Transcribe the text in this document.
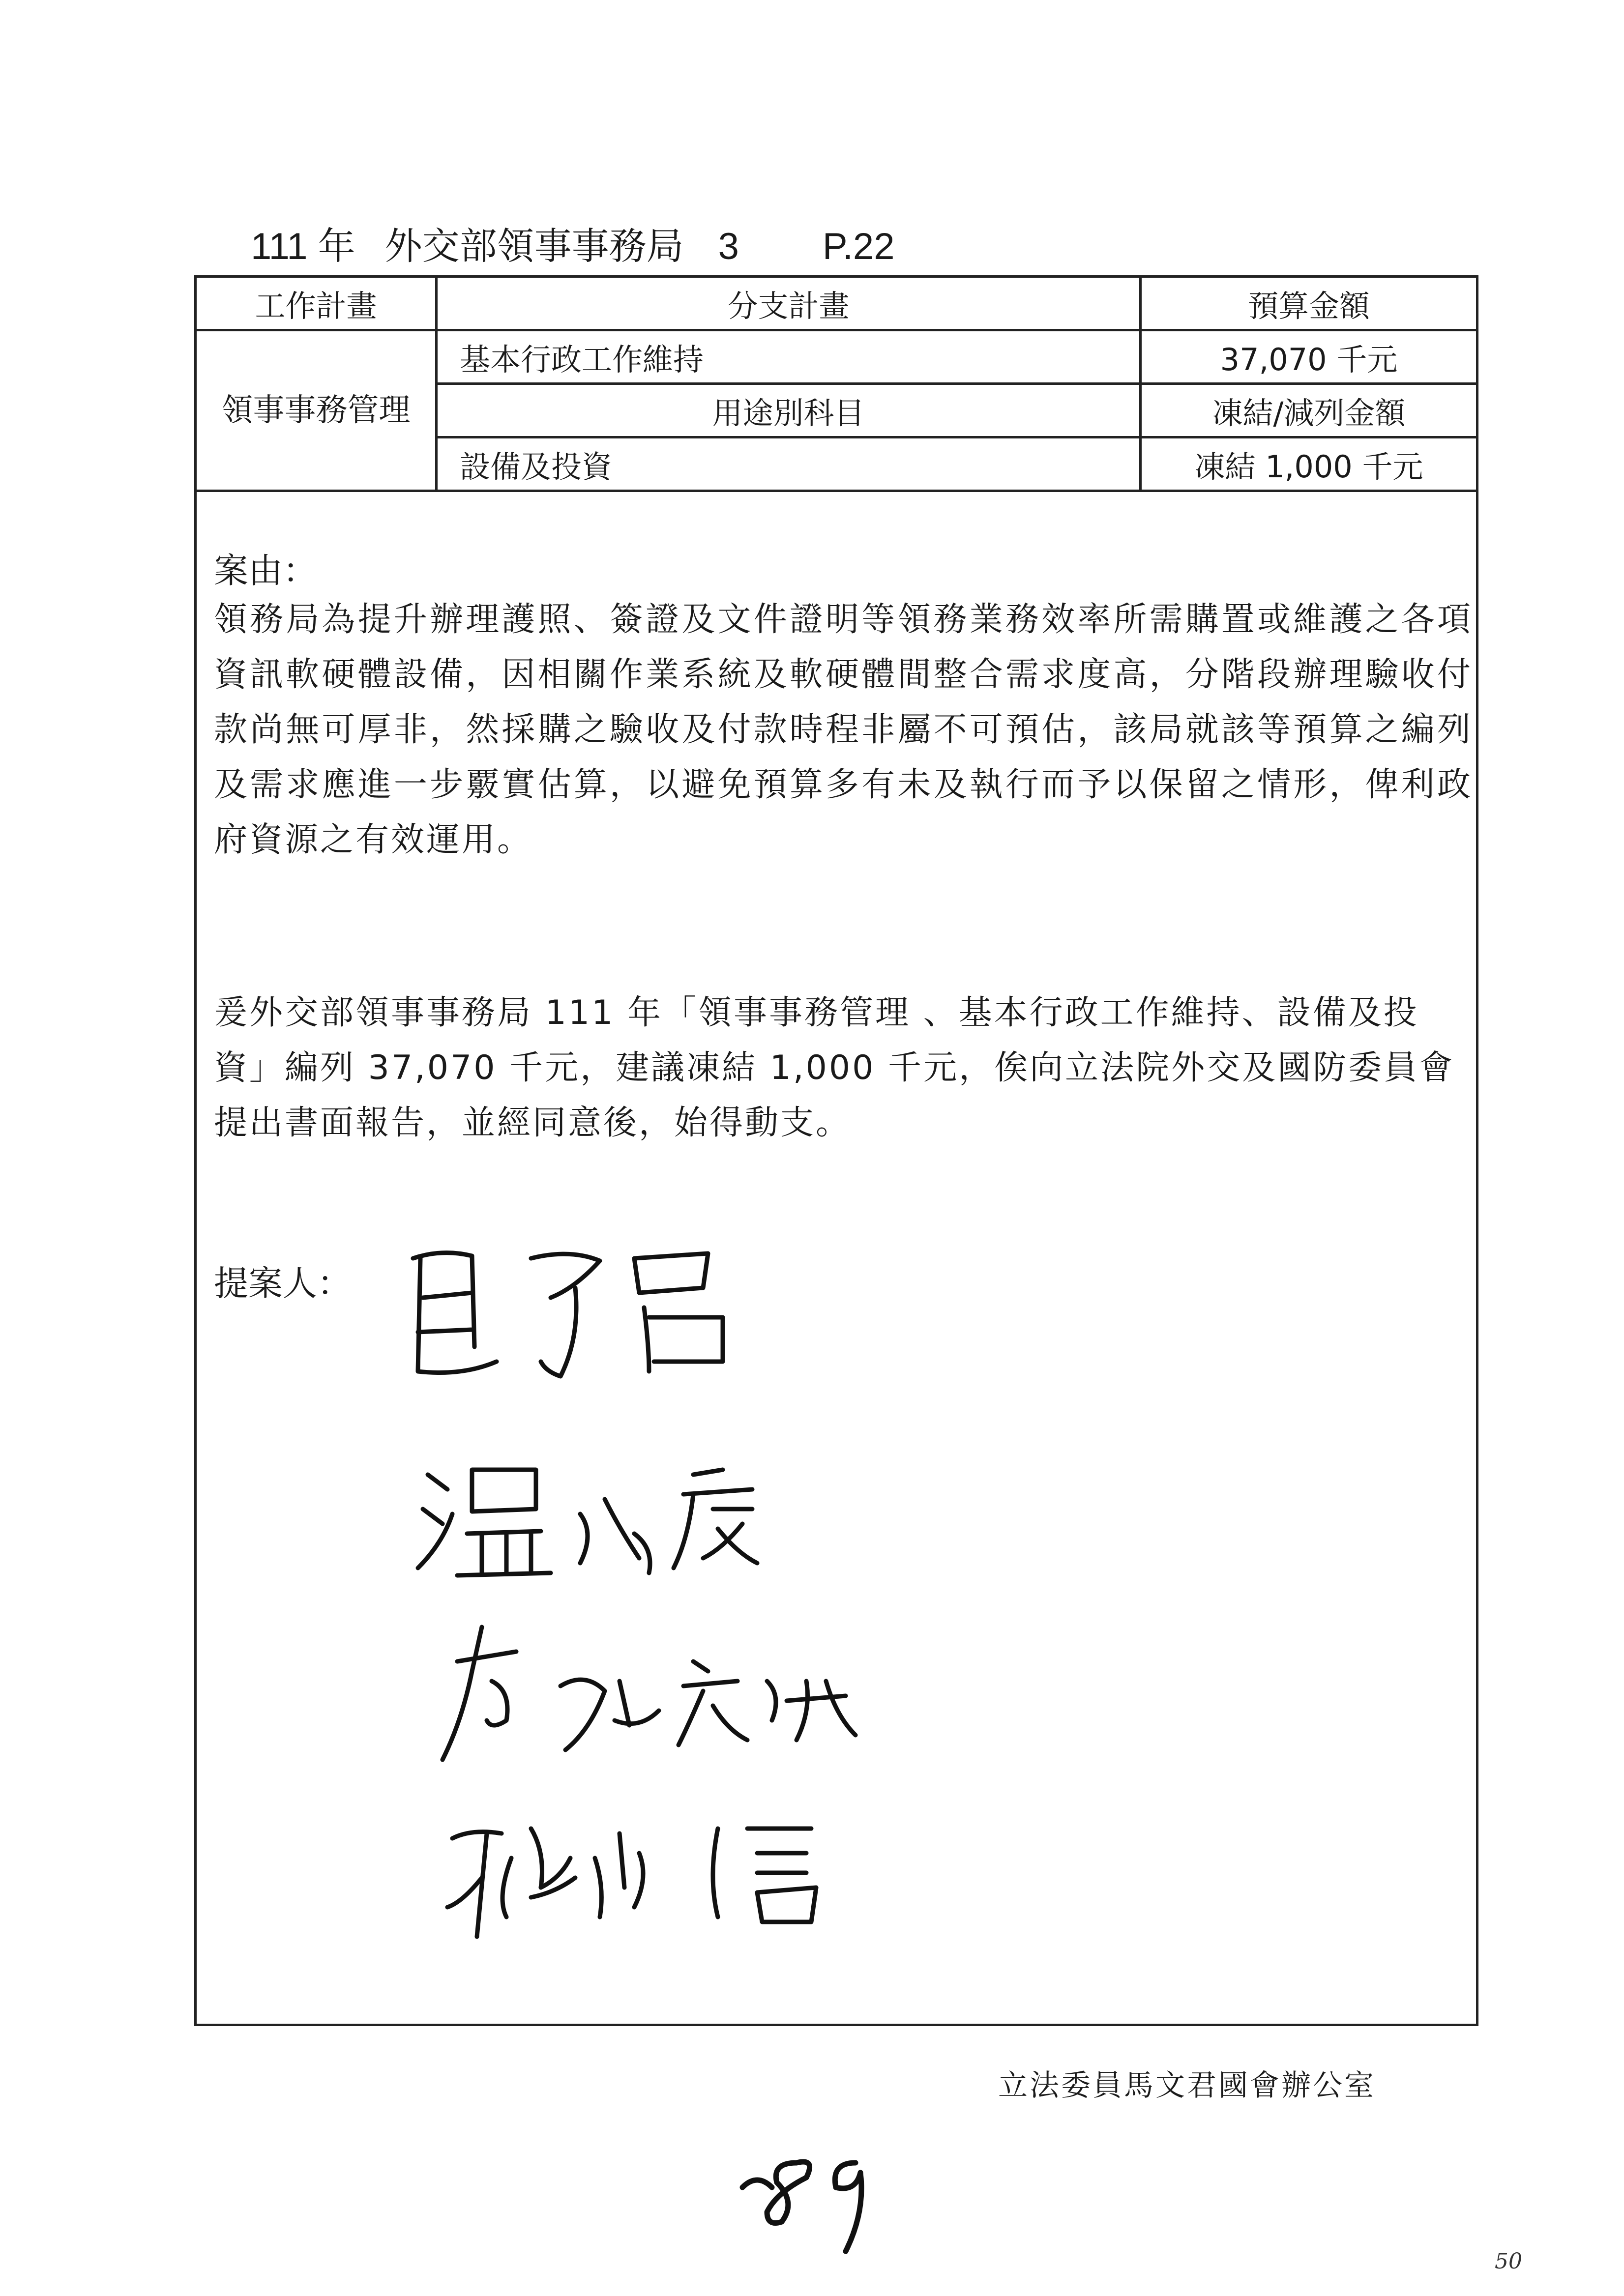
111 年 外交部領事事務局 3 P.22
工作計畫	分支計畫	預算金額
領事事務管理	基本行政工作維持	37,070 千元
	用途別科目	凍結/減列金額
	設備及投資	凍結 1,000 千元
案由：
領務局為提升辦理護照、簽證及文件證明等領務業務效率所需購置或維護之各項資訊軟硬體設備，因相關作業系統及軟硬體間整合需求度高，分階段辦理驗收付款尚無可厚非，然採購之驗收及付款時程非屬不可預估，該局就該等預算之編列及需求應進一步覈實估算，以避免預算多有未及執行而予以保留之情形，俾利政府資源之有效運用。
爰外交部領事事務局 111 年「領事事務管理 、基本行政工作維持、設備及投資」編列 37,070 千元，建議凍結 1,000 千元，俟向立法院外交及國防委員會提出書面報告，並經同意後，始得動支。
提案人：
立法委員馬文君國會辦公室
50
